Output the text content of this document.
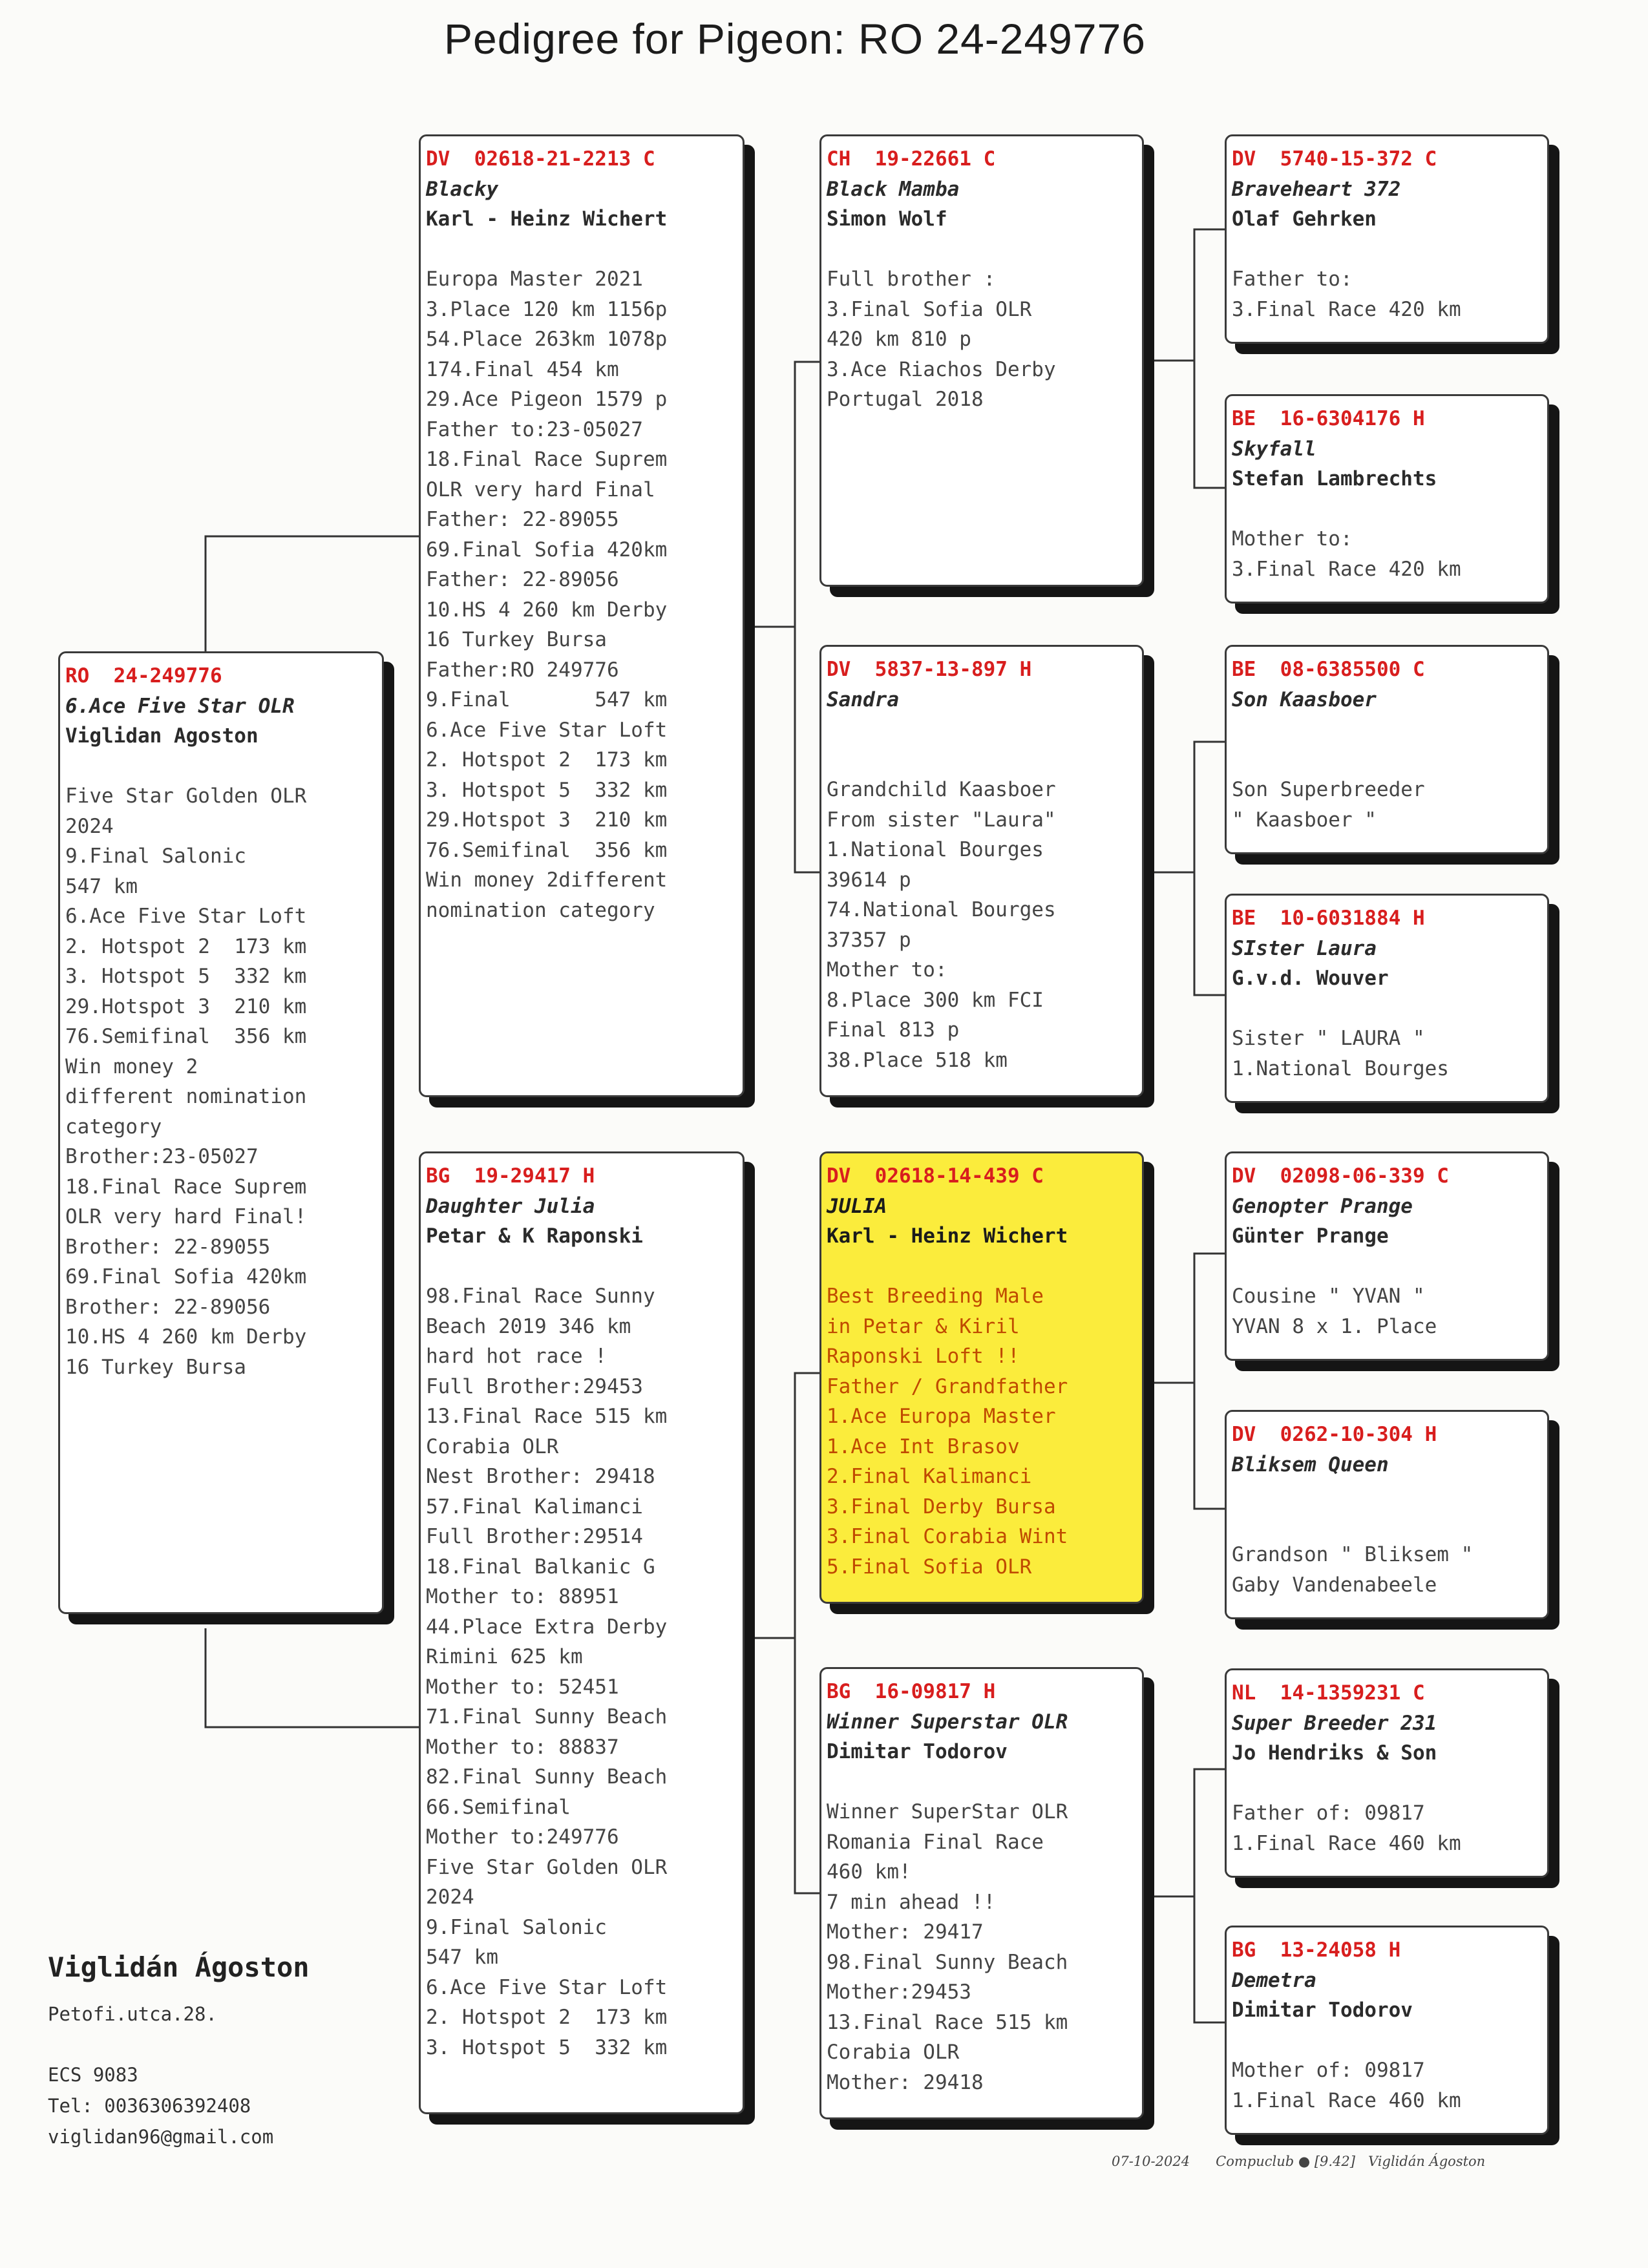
Pedigree for Pigeon: RO 24-249776
RO  24-249776
6.Ace Five Star OLR
Viglidan Agoston
Five Star Golden OLR
2024
9.Final Salonic
547 km
6.Ace Five Star Loft
2. Hotspot 2  173 km
3. Hotspot 5  332 km
29.Hotspot 3  210 km
76.Semifinal  356 km
Win money 2
different nomination
category
Brother:23-05027
18.Final Race Suprem
OLR very hard Final!
Brother: 22-89055
69.Final Sofia 420km
Brother: 22-89056
10.HS 4 260 km Derby
16 Turkey Bursa
DV  02618-21-2213 C
Blacky
Karl - Heinz Wichert
Europa Master 2021
3.Place 120 km 1156p
54.Place 263km 1078p
174.Final 454 km
29.Ace Pigeon 1579 p
Father to:23-05027
18.Final Race Suprem
OLR very hard Final
Father: 22-89055
69.Final Sofia 420km
Father: 22-89056
10.HS 4 260 km Derby
16 Turkey Bursa
Father:RO 249776
9.Final       547 km
6.Ace Five Star Loft
2. Hotspot 2  173 km
3. Hotspot 5  332 km
29.Hotspot 3  210 km
76.Semifinal  356 km
Win money 2different
nomination category
BG  19-29417 H
Daughter Julia
Petar & K Raponski
98.Final Race Sunny
Beach 2019 346 km
hard hot race !
Full Brother:29453
13.Final Race 515 km
Corabia OLR
Nest Brother: 29418
57.Final Kalimanci
Full Brother:29514
18.Final Balkanic G
Mother to: 88951
44.Place Extra Derby
Rimini 625 km
Mother to: 52451
71.Final Sunny Beach
Mother to: 88837
82.Final Sunny Beach
66.Semifinal
Mother to:249776
Five Star Golden OLR
2024
9.Final Salonic
547 km
6.Ace Five Star Loft
2. Hotspot 2  173 km
3. Hotspot 5  332 km
CH  19-22661 C
Black Mamba
Simon Wolf
Full brother :
3.Final Sofia OLR
420 km 810 p
3.Ace Riachos Derby
Portugal 2018
DV  5837-13-897 H
Sandra
Grandchild Kaasboer
From sister "Laura"
1.National Bourges
39614 p
74.National Bourges
37357 p
Mother to:
8.Place 300 km FCI
Final 813 p
38.Place 518 km
DV  02618-14-439 C
JULIA
Karl - Heinz Wichert
Best Breeding Male
in Petar & Kiril
Raponski Loft !!
Father / Grandfather
1.Ace Europa Master
1.Ace Int Brasov
2.Final Kalimanci
3.Final Derby Bursa
3.Final Corabia Wint
5.Final Sofia OLR
BG  16-09817 H
Winner Superstar OLR
Dimitar Todorov
Winner SuperStar OLR
Romania Final Race
460 km!
7 min ahead !!
Mother: 29417
98.Final Sunny Beach
Mother:29453
13.Final Race 515 km
Corabia OLR
Mother: 29418
DV  5740-15-372 C
Braveheart 372
Olaf Gehrken
Father to:
3.Final Race 420 km
BE  16-6304176 H
Skyfall
Stefan Lambrechts
Mother to:
3.Final Race 420 km
BE  08-6385500 C
Son Kaasboer
Son Superbreeder
" Kaasboer "
BE  10-6031884 H
SIster Laura
G.v.d. Wouver
Sister " LAURA "
1.National Bourges
DV  02098-06-339 C
Genopter Prange
Günter Prange
Cousine " YVAN "
YVAN 8 x 1. Place
DV  0262-10-304 H
Bliksem Queen
Grandson " Bliksem "
Gaby Vandenabeele
NL  14-1359231 C
Super Breeder 231
Jo Hendriks & Son
Father of: 09817
1.Final Race 460 km
BG  13-24058 H
Demetra
Dimitar Todorov
Mother of: 09817
1.Final Race 460 km
Viglidán Ágoston
Petofi.utca.28.
ECS 9083
Tel: 0036306392408
viglidan96@gmail.com
07-10-2024      Compuclub ● [9.42]   Viglidán Ágoston
